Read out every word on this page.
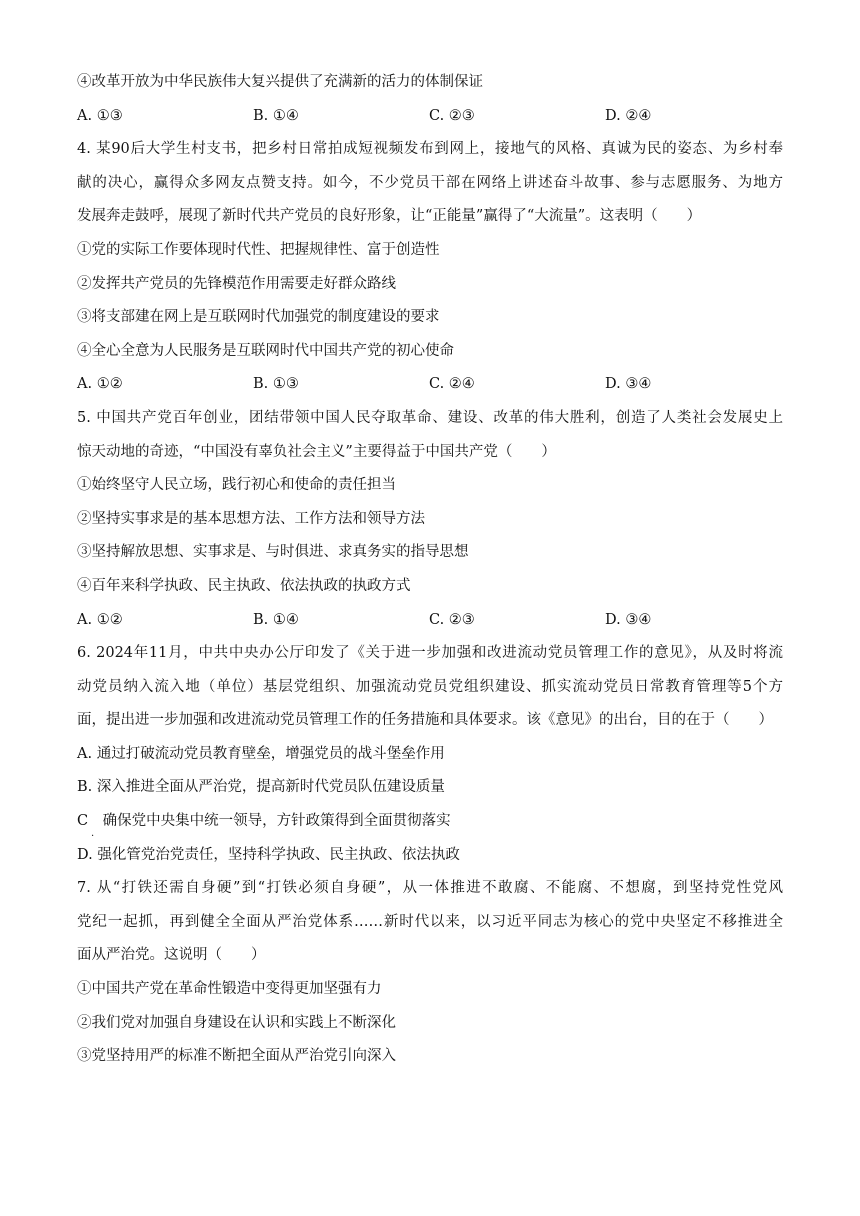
④改革开放为中华民族伟大复兴提供了充满新的活力的体制保证
A. ①③	B. ①④	C. ②③	D. ②④
4. 某90后大学生村支书，把乡村日常拍成短视频发布到网上，接地气的风格、真诚为民的姿态、为乡村奉
献的决心，赢得众多网友点赞支持。如今，不少党员干部在网络上讲述奋斗故事、参与志愿服务、为地方
发展奔走鼓呼，展现了新时代共产党员的良好形象，让“正能量”赢得了“大流量”。这表明（　　）
①党的实际工作要体现时代性、把握规律性、富于创造性
②发挥共产党员的先锋模范作用需要走好群众路线
③将支部建在网上是互联网时代加强党的制度建设的要求
④全心全意为人民服务是互联网时代中国共产党的初心使命
A. ①②	B. ①③	C. ②④	D. ③④
5. 中国共产党百年创业，团结带领中国人民夺取革命、建设、改革的伟大胜利，创造了人类社会发展史上
惊天动地的奇迹，“中国没有辜负社会主义”主要得益于中国共产党（　　）
①始终坚守人民立场，践行初心和使命的责任担当
②坚持实事求是的基本思想方法、工作方法和领导方法
③坚持解放思想、实事求是、与时俱进、求真务实的指导思想
④百年来科学执政、民主执政、依法执政的执政方式
A. ①②	B. ①④	C. ②③	D. ③④
6. 2024年11月，中共中央办公厅印发了《关于进一步加强和改进流动党员管理工作的意见》，从及时将流
动党员纳入流入地（单位）基层党组织、加强流动党员党组织建设、抓实流动党员日常教育管理等5个方
面，提出进一步加强和改进流动党员管理工作的任务措施和具体要求。该《意见》的出台，目的在于（　　）
A. 通过打破流动党员教育壁垒，增强党员的战斗堡垒作用
B. 深入推进全面从严治党，提高新时代党员队伍建设质量
C　确保党中央集中统一领导，方针政策得到全面贯彻落实
.
D. 强化管党治党责任，坚持科学执政、民主执政、依法执政
7. 从“打铁还需自身硬”到“打铁必须自身硬”，从一体推进不敢腐、不能腐、不想腐，到坚持党性党风
党纪一起抓，再到健全全面从严治党体系……新时代以来，以习近平同志为核心的党中央坚定不移推进全
面从严治党。这说明（　　）
①中国共产党在革命性锻造中变得更加坚强有力
②我们党对加强自身建设在认识和实践上不断深化
③党坚持用严的标准不断把全面从严治党引向深入
